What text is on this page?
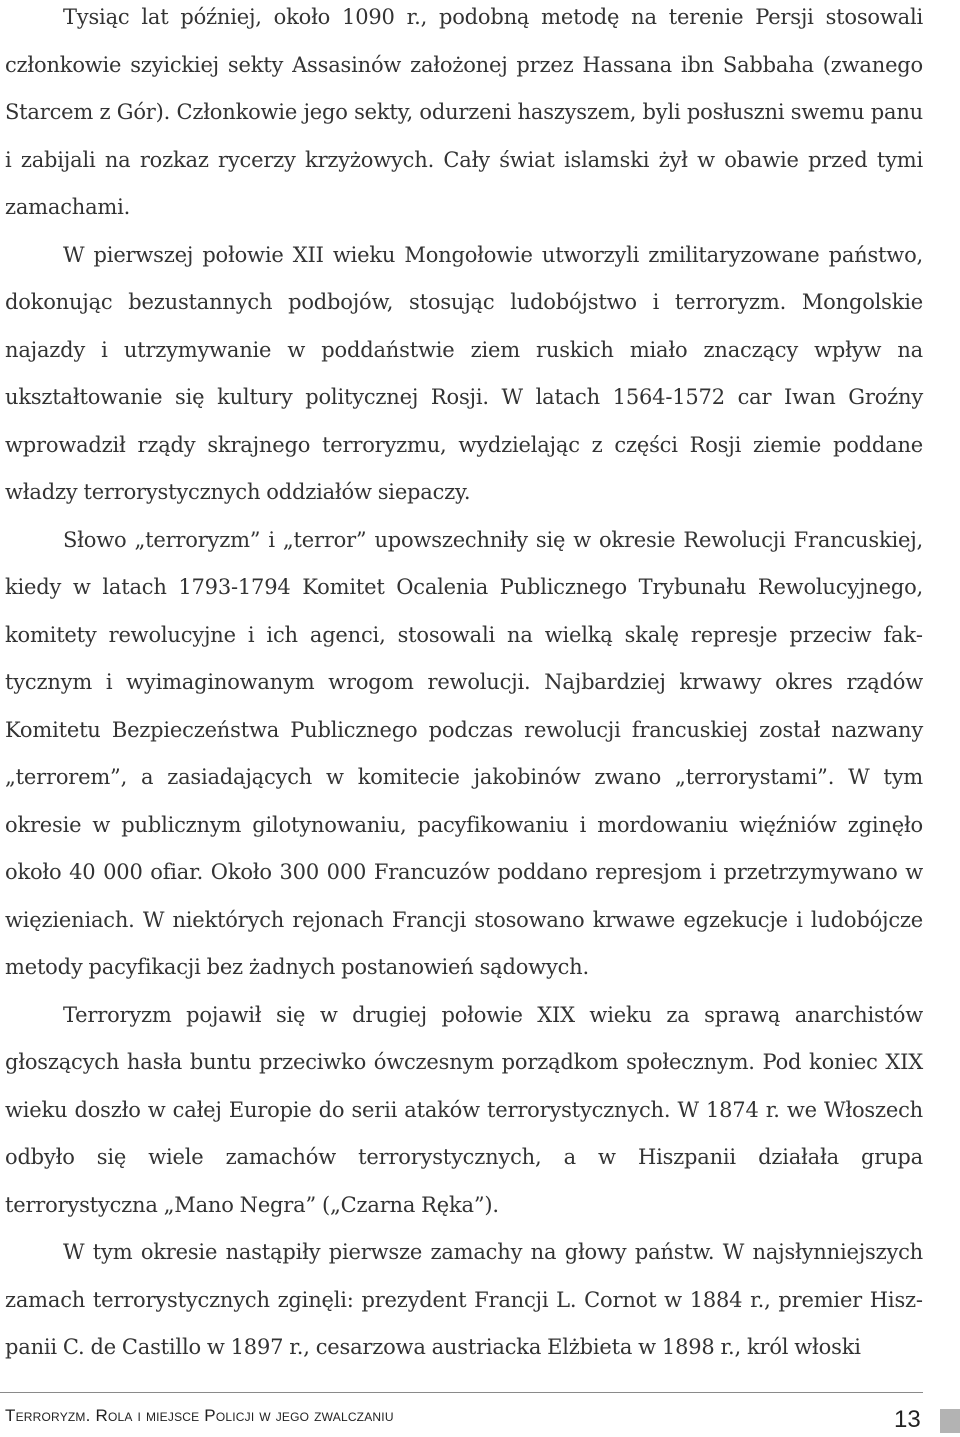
Tysiąc lat później, około 1090 r., podobną metodę na terenie Persji stosowali członkowie szyickiej sekty Assasinów założonej przez Hassana ibn Sabbaha (zwanego Starcem z Gór). Członkowie jego sekty, odurzeni haszyszem, byli posłuszni swemu panu i zabijali na rozkaz rycerzy krzyżowych. Cały świat islamski żył w obawie przed tymi zamachami.

W pierwszej połowie XII wieku Mongołowie utworzyli zmilitaryzowane państwo, dokonując bezustannych podbojów, stosując ludobójstwo i terroryzm. Mongolskie najazdy i utrzymywanie w poddaństwie ziem ruskich miało znaczący wpływ na ukształtowanie się kultury politycznej Rosji. W latach 1564-1572 car Iwan Groźny wprowadził rządy skrajnego terroryzmu, wydzielając z części Rosji ziemie poddane władzy terrorystycznych oddziałów siepaczy.

Słowo „terroryzm” i „terror” upowszechniły się w okresie Rewolucji Francuskiej, kiedy w latach 1793-1794 Komitet Ocalenia Publicznego Trybunału Rewolucyjnego, komitety rewolucyjne i ich agenci, stosowali na wielką skalę represje przeciw faktycznym i wyimaginowanym wrogom rewolucji. Najbardziej krwawy okres rządów Komitetu Bezpieczeństwa Publicznego podczas rewolucji francuskiej został nazwany „terrorem”, a zasiadających w komitecie jakobinów zwano „terrorystami”. W tym okresie w publicznym gilotynowaniu, pacyfikowaniu i mordowaniu więźniów zginęło około 40 000 ofiar. Około 300 000 Francuzów poddano represjom i przetrzymywano w więzieniach. W niektórych rejonach Francji stosowano krwawe egzekucje i ludobójcze metody pacyfikacji bez żadnych postanowień sądowych.

Terroryzm pojawił się w drugiej połowie XIX wieku za sprawą anarchistów głoszących hasła buntu przeciwko ówczesnym porządkom społecznym. Pod koniec XIX wieku doszło w całej Europie do serii ataków terrorystycznych. W 1874 r. we Włoszech odbyło się wiele zamachów terrorystycznych, a w Hiszpanii działała grupa terrorystyczna „Mano Negra” („Czarna Ręka”).

W tym okresie nastąpiły pierwsze zamachy na głowy państw. W najsłynniejszych zamach terrorystycznych zginęli: prezydent Francji L. Cornot w 1884 r., premier Hiszpanii C. de Castillo w 1897 r., cesarzowa austriacka Elżbieta w 1898 r., król włoski

Terroryzm. Rola i miejsce Policji w jego zwalczaniu	13
